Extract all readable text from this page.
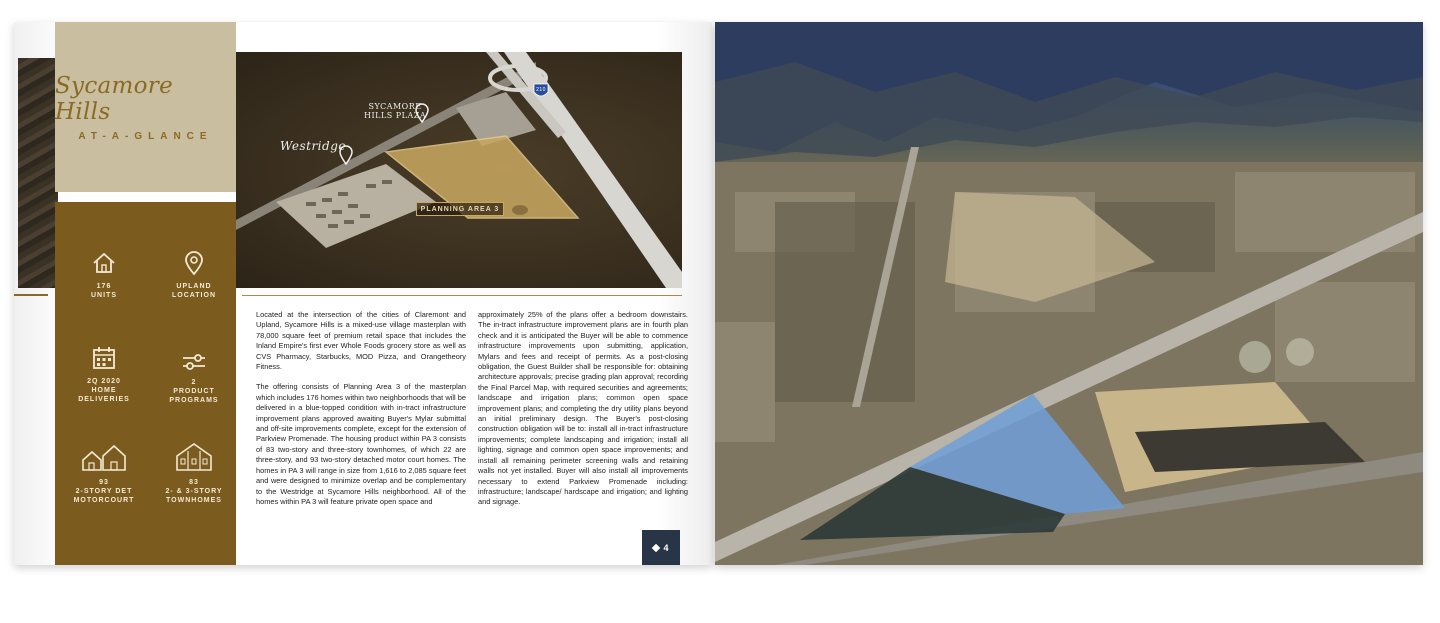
Sycamore Hills
AT-A-GLANCE
176
UNITS
UPLAND
LOCATION
2Q 2020
HOME
DELIVERIES
2
PRODUCT
PROGRAMS
93
2-STORY DET
MOTORCOURT
83
2- & 3-STORY
TOWNHOMES
SYCAMORE
HILLS PLAZA
Westridge
210
PLANNING AREA 3

Located at the intersection of the cities of Claremont and Upland, Sycamore Hills is a mixed-use village masterplan with 78,000 square feet of premium retail space that includes the Inland Empire's first ever Whole Foods grocery store as well as CVS Pharmacy, Starbucks, MOD Pizza, and Orangetheory Fitness.

The offering consists of Planning Area 3 of the masterplan which includes 176 homes within two neighborhoods that will be delivered in a blue-topped condition with in-tract infrastructure improvement plans approved awaiting Buyer's Mylar submittal and off-site improvements complete, except for the extension of Parkview Promenade. The housing product within PA 3 consists of 83 two-story and three-story townhomes, of which 22 are three-story, and 93 two-story detached motor court homes. The homes in PA 3 will range in size from 1,616 to 2,085 square feet and were designed to minimize overlap and be complementary to the Westridge at Sycamore Hills neighborhood. All of the homes within PA 3 will feature private open space and

approximately 25% of the plans offer a bedroom downstairs. The in-tract infrastructure improvement plans are in fourth plan check and it is anticipated the Buyer will be able to commence infrastructure improvements upon submitting, application, Mylars and fees and receipt of permits. As a post-closing obligation, the Guest Builder shall be responsible for: obtaining architecture approvals; precise grading plan approval; recording the Final Parcel Map, with required securities and agreements; landscape and irrigation plans; common open space improvement plans; and completing the dry utility plans beyond an initial preliminary design. The Buyer's post-closing construction obligation will be to: install all in-tract infrastructure improvements; complete landscaping and irrigation; install all lighting, signage and common open space improvements; and install all remaining perimeter screening walls and retaining walls not yet installed. Buyer will also install all improvements necessary to extend Parkview Promenade including: infrastructure; landscape/ hardscape and irrigation; and lighting and signage.

4
